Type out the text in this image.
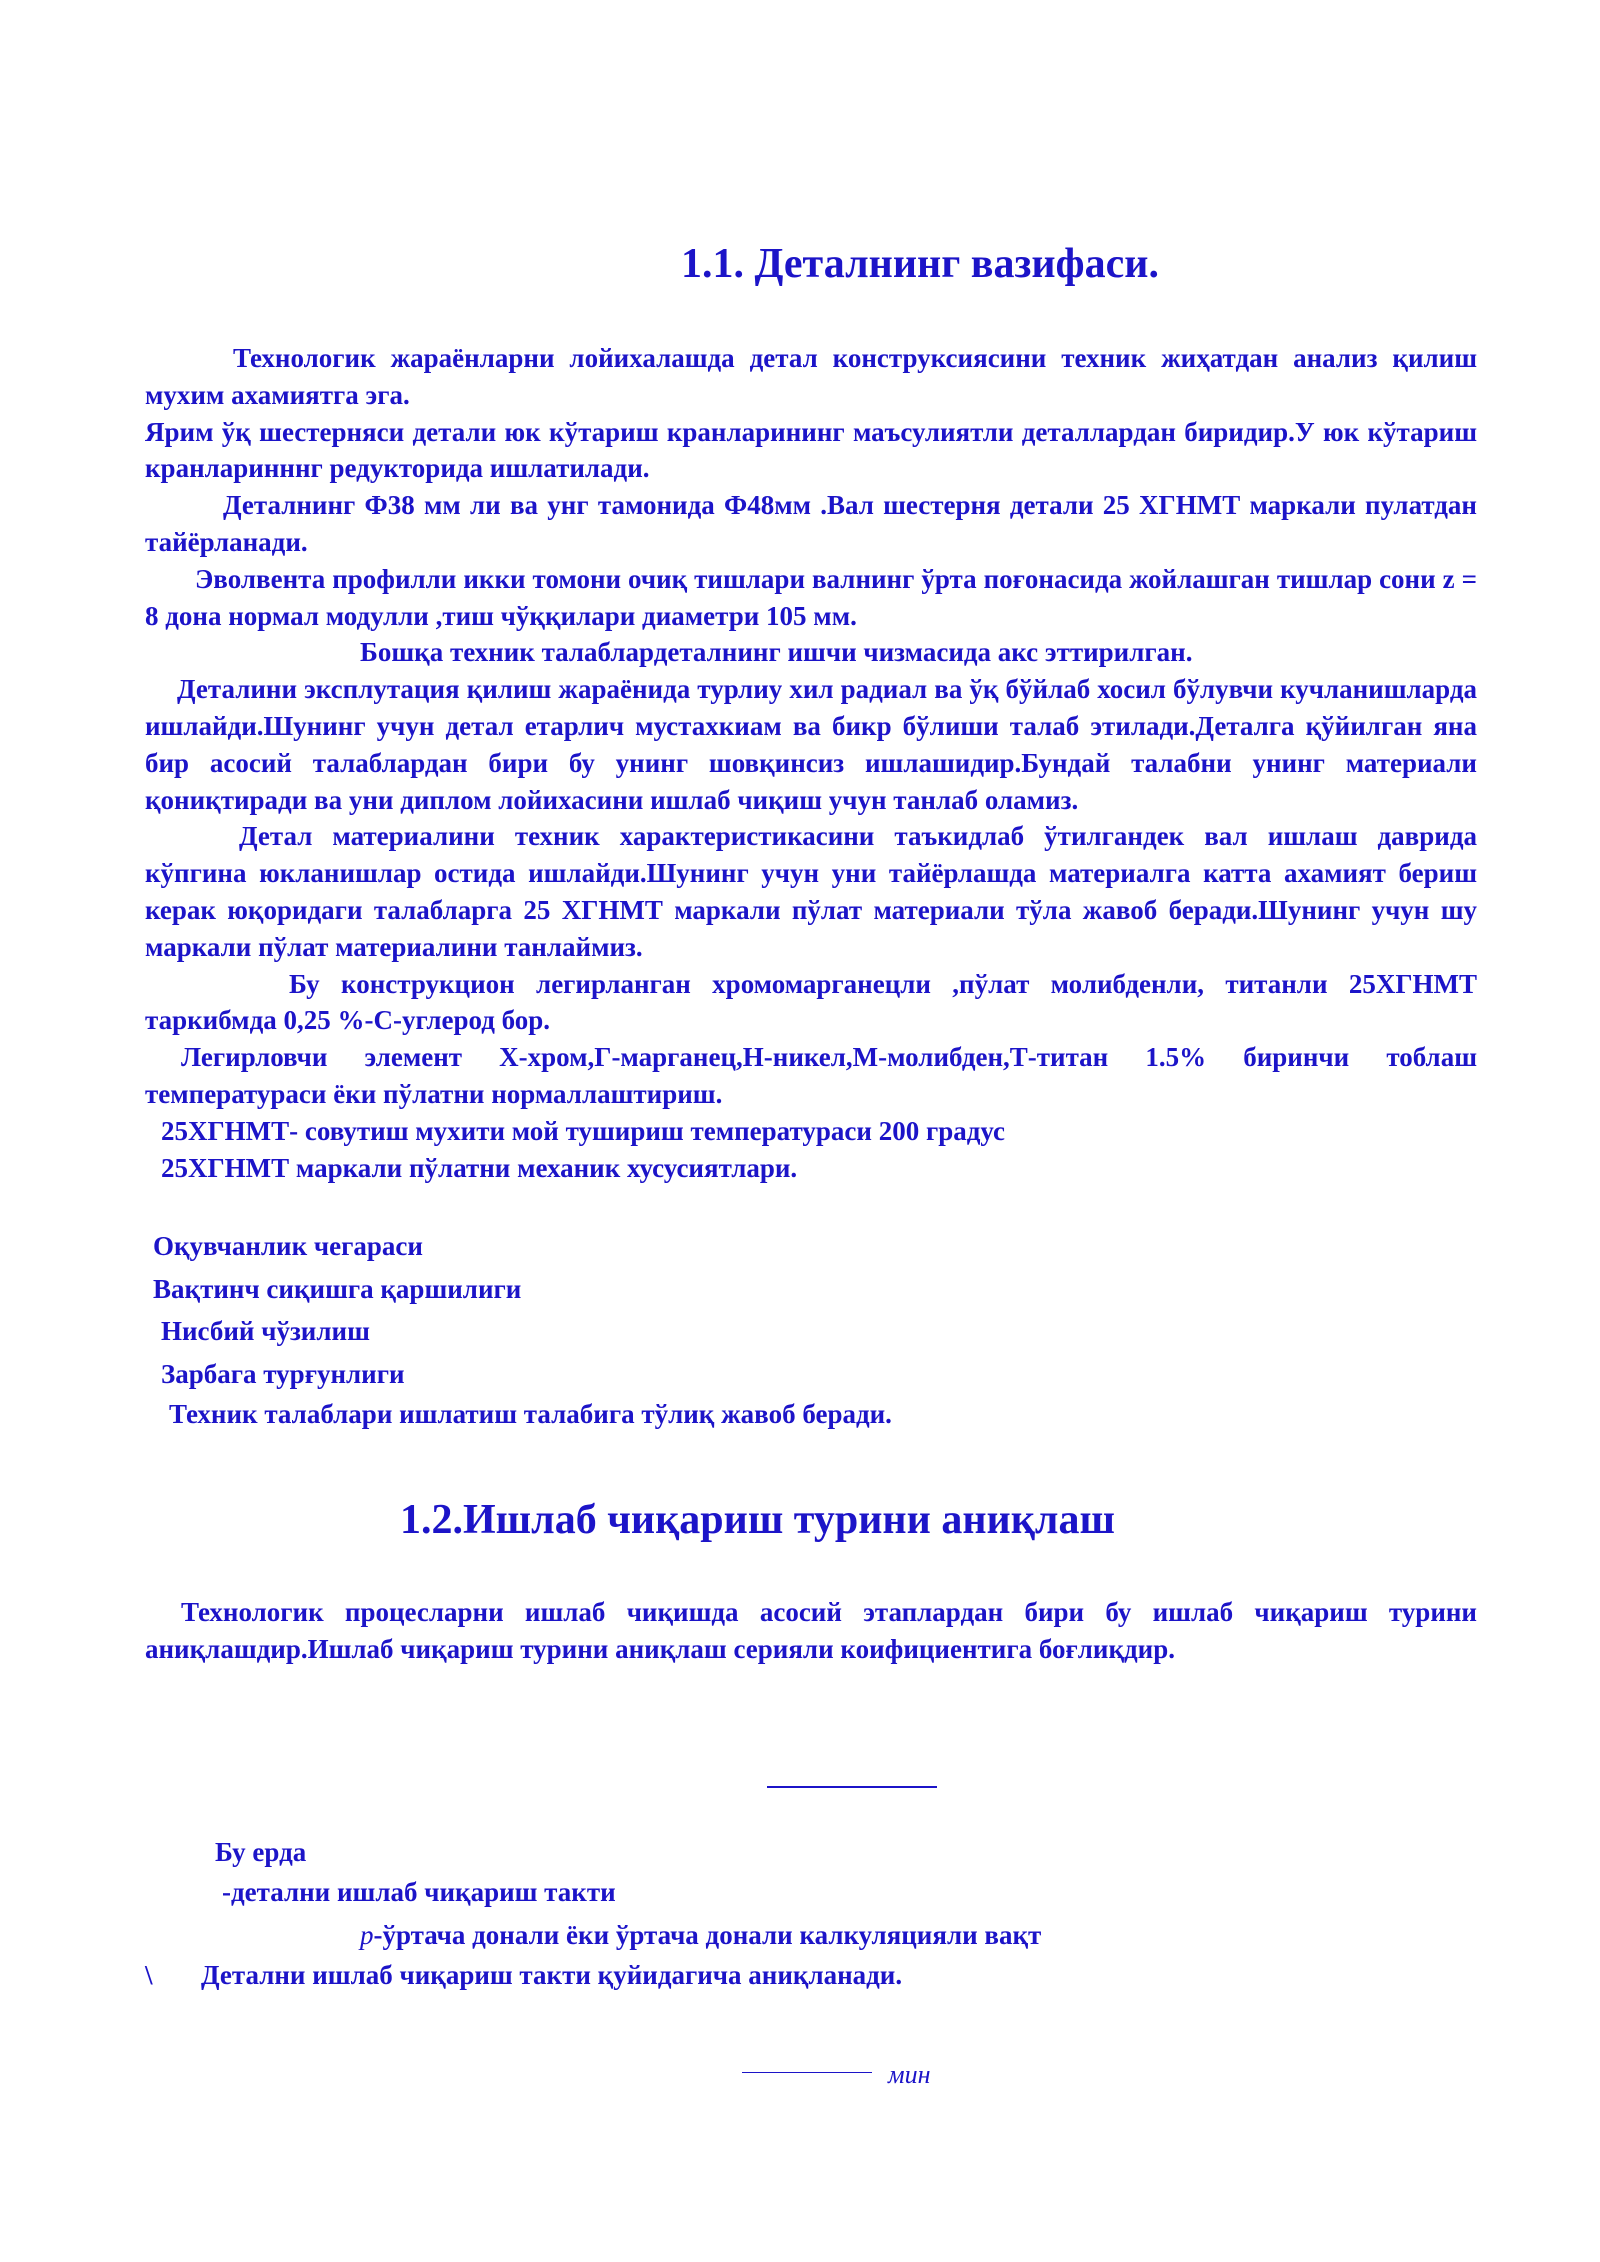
1.1. Деталнинг вазифаси.

Технологик жараёнларни лойихалашда детал конструксиясини техник жиҳатдан анализ қилиш мухим ахамиятга эга.

Ярим ўқ шестерняси детали юк кўтариш кранларининг маъсулиятли деталлардан биридир.У юк кўтариш кранларинннг редукторида ишлатилади.

Деталнинг Ф38 мм ли ва унг тамонида Ф48мм .Вал шестерня детали 25 ХГНМТ маркали пулатдан тайёрланади.

Эволвента профилли икки томони очиқ тишлари валнинг ўрта поғонасида жойлашган тишлар сони z = 8 дона нормал модулли ,тиш чўққилари диаметри 105 мм.

Бошқа техник талаблардеталнинг ишчи чизмасида акс эттирилган.

Деталини эксплутация қилиш жараёнида турлиу хил радиал ва ўқ бўйлаб хосил бўлувчи кучланишларда ишлайди.Шунинг учун детал етарлич мустахкиам ва бикр бўлиши талаб этилади.Деталга қўйилган яна бир асосий талаблардан бири бу унинг шовқинсиз ишлашидир.Бундай талабни унинг материали қониқтиради ва уни диплом лойихасини ишлаб чиқиш учун танлаб оламиз.

Детал материалини техник характеристикасини таъкидлаб ўтилгандек вал ишлаш даврида кўпгина юкланишлар остида ишлайди.Шунинг учун уни тайёрлашда материалга катта ахамият бериш керак юқоридаги талабларга 25 ХГНМТ маркали пўлат материали тўла жавоб беради.Шунинг учун шу маркали пўлат материалини танлаймиз.

Бу конструкцион легирланган хромомарганецли ,пўлат молибденли, титанли 25ХГНМТ таркибмда 0,25 %-С-углерод бор.

Легирловчи элемент Х-хром,Г-марганец,Н-никел,М-молибден,Т-титан 1.5% биринчи тоблаш температураси ёки пўлатни нормаллаштириш.

25ХГНМТ- совутиш мухити мой тушириш температураси 200 градус

25ХГНМТ маркали пўлатни механик хусусиятлари.

Оқувчанлик чегараси

Вақтинч сиқишга қаршилиги

Нисбий чўзилиш

Зарбага турғунлиги

Техник талаблари ишлатиш талабига тўлиқ жавоб беради.

1.2.Ишлаб чиқариш турини аниқлаш

Технологик процесларни ишлаб чиқишда асосий этаплардан бири бу ишлаб чиқариш турини аниқлашдир.Ишлаб чиқариш турини аниқлаш серияли коифициентига боғлиқдир.

Бу ерда

-детални ишлаб чиқариш такти

р-ўртача донали ёки ўртача донали калкуляцияли вақт

\ Детални ишлаб чиқариш такти қуйидагича аниқланади.

мин
